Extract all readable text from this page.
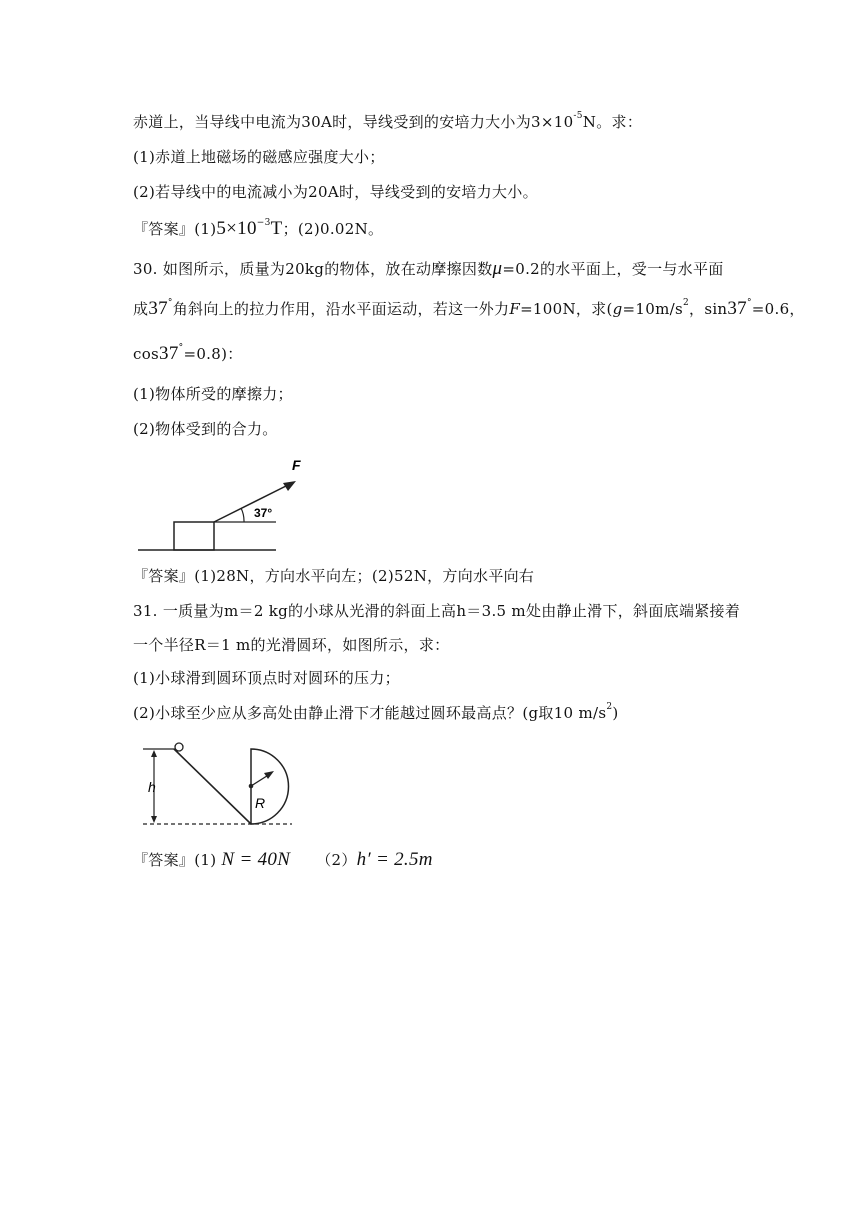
赤道上，当导线中电流为30A时，导线受到的安培力大小为$3\times 10^{-5}N$。求：
(1)赤道上地磁场的磁感应强度大小；
(2)若导线中的电流减小为20A时，导线受到的安培力大小。
『答案』$(1)5\times 10^{-3}T$；(2)0.02N。
30. 如图所示，质量为20kg的物体，放在动摩擦因数μ=0.2的水平面上，受一与水平面
成37°角斜向上的拉力作用，沿水平面运动，若这一外力F=100N，求($g=10m/s^2$，sin37°=0.6，
cos37°=0.8)：
(1)物体所受的摩擦力；
(2)物体受到的合力。
F
37°
『答案』(1)28N，方向水平向左；(2)52N，方向水平向右
31. 一质量为m＝2 kg的小球从光滑的斜面上高h＝3.5 m处由静止滑下，斜面底端紧接着
一个半径R＝1 m的光滑圆环，如图所示，求：
(1)小球滑到圆环顶点时对圆环的压力；
(2)小球至少应从多高处由静止滑下才能越过圆环最高点？(g取10 $m/s^2$)
h
R
『答案』(1) N = 40N （2）h′ = 2.5m
